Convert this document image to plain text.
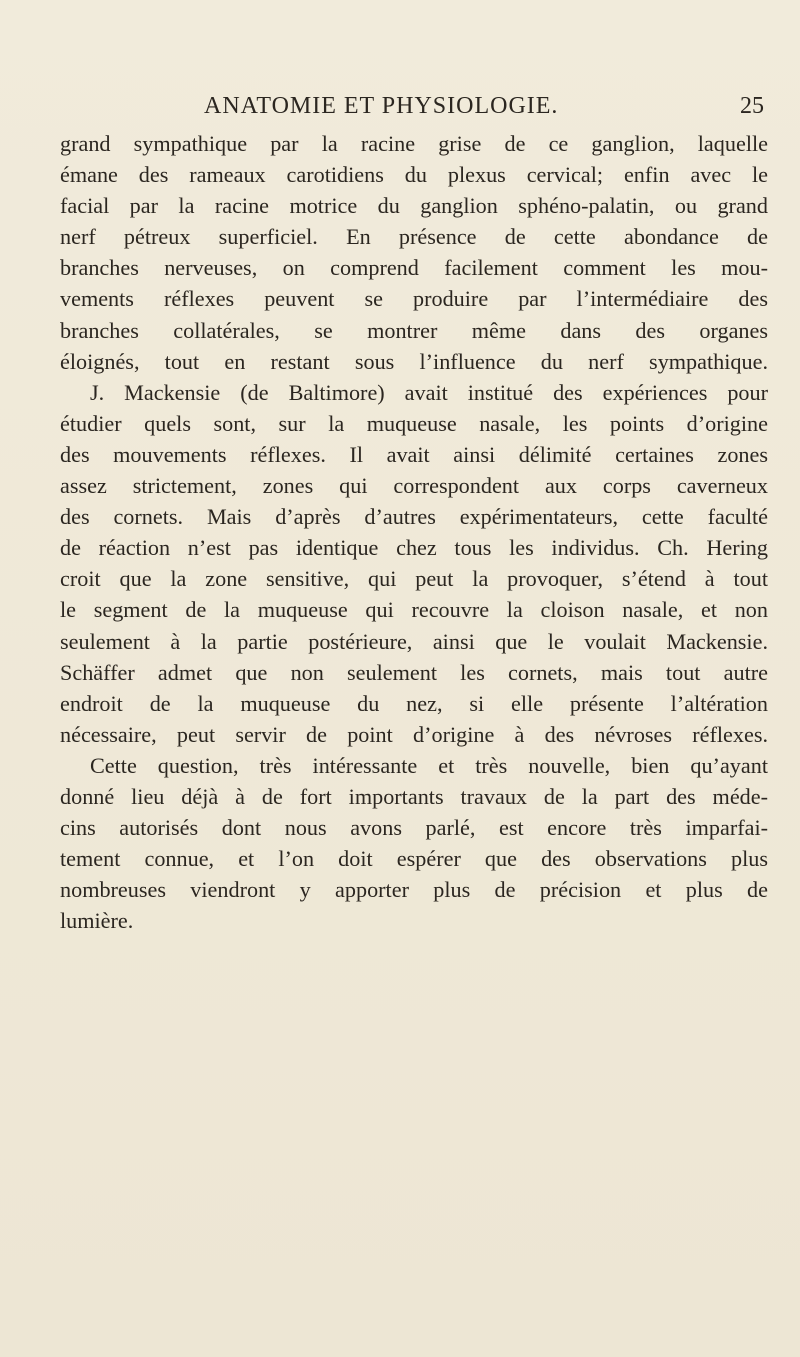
ANATOMIE ET PHYSIOLOGIE.	25
grand sympathique par la racine grise de ce ganglion, laquelle
émane des rameaux carotidiens du plexus cervical; enfin avec le
facial par la racine motrice du ganglion sphéno-palatin, ou grand
nerf pétreux superficiel. En présence de cette abondance de
branches nerveuses, on comprend facilement comment les mou-
vements réflexes peuvent se produire par l’intermédiaire des
branches collatérales, se montrer même dans des organes
éloignés, tout en restant sous l’influence du nerf sympathique.
J. Mackensie (de Baltimore) avait institué des expériences pour
étudier quels sont, sur la muqueuse nasale, les points d’origine
des mouvements réflexes. Il avait ainsi délimité certaines zones
assez strictement, zones qui correspondent aux corps caverneux
des cornets. Mais d’après d’autres expérimentateurs, cette faculté
de réaction n’est pas identique chez tous les individus. Ch. Hering
croit que la zone sensitive, qui peut la provoquer, s’étend à tout
le segment de la muqueuse qui recouvre la cloison nasale, et non
seulement à la partie postérieure, ainsi que le voulait Mackensie.
Schäffer admet que non seulement les cornets, mais tout autre
endroit de la muqueuse du nez, si elle présente l’altération
nécessaire, peut servir de point d’origine à des névroses réflexes.
Cette question, très intéressante et très nouvelle, bien qu’ayant
donné lieu déjà à de fort importants travaux de la part des méde-
cins autorisés dont nous avons parlé, est encore très imparfai-
tement connue, et l’on doit espérer que des observations plus
nombreuses viendront y apporter plus de précision et plus de
lumière.
